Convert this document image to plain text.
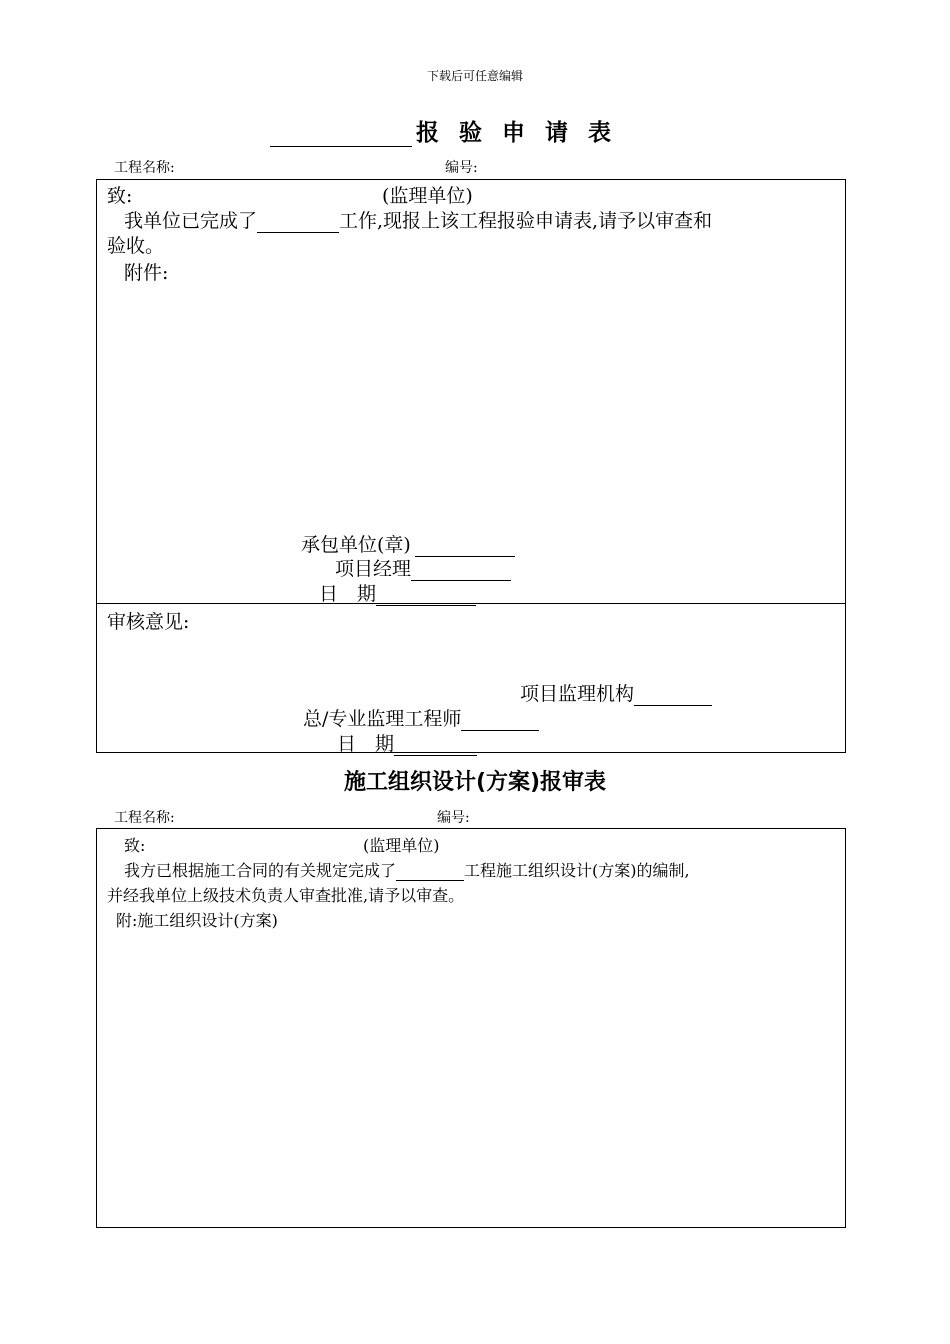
下载后可任意编辑
报 验 申 请 表
工程名称:	编号:
致:	(监理单位)
我单位已完成了	工作,现报上该工程报验申请表,请予以审查和
验收。
附件:
承包单位(章)
项目经理
日　期
审核意见:
项目监理机构
总/专业监理工程师
日　期
施工组织设计(方案)报审表
工程名称:	编号:
致:	(监理单位)
我方已根据施工合同的有关规定完成了	工程施工组织设计(方案)的编制,
并经我单位上级技术负责人审查批准,请予以审查。
附:施工组织设计(方案)
